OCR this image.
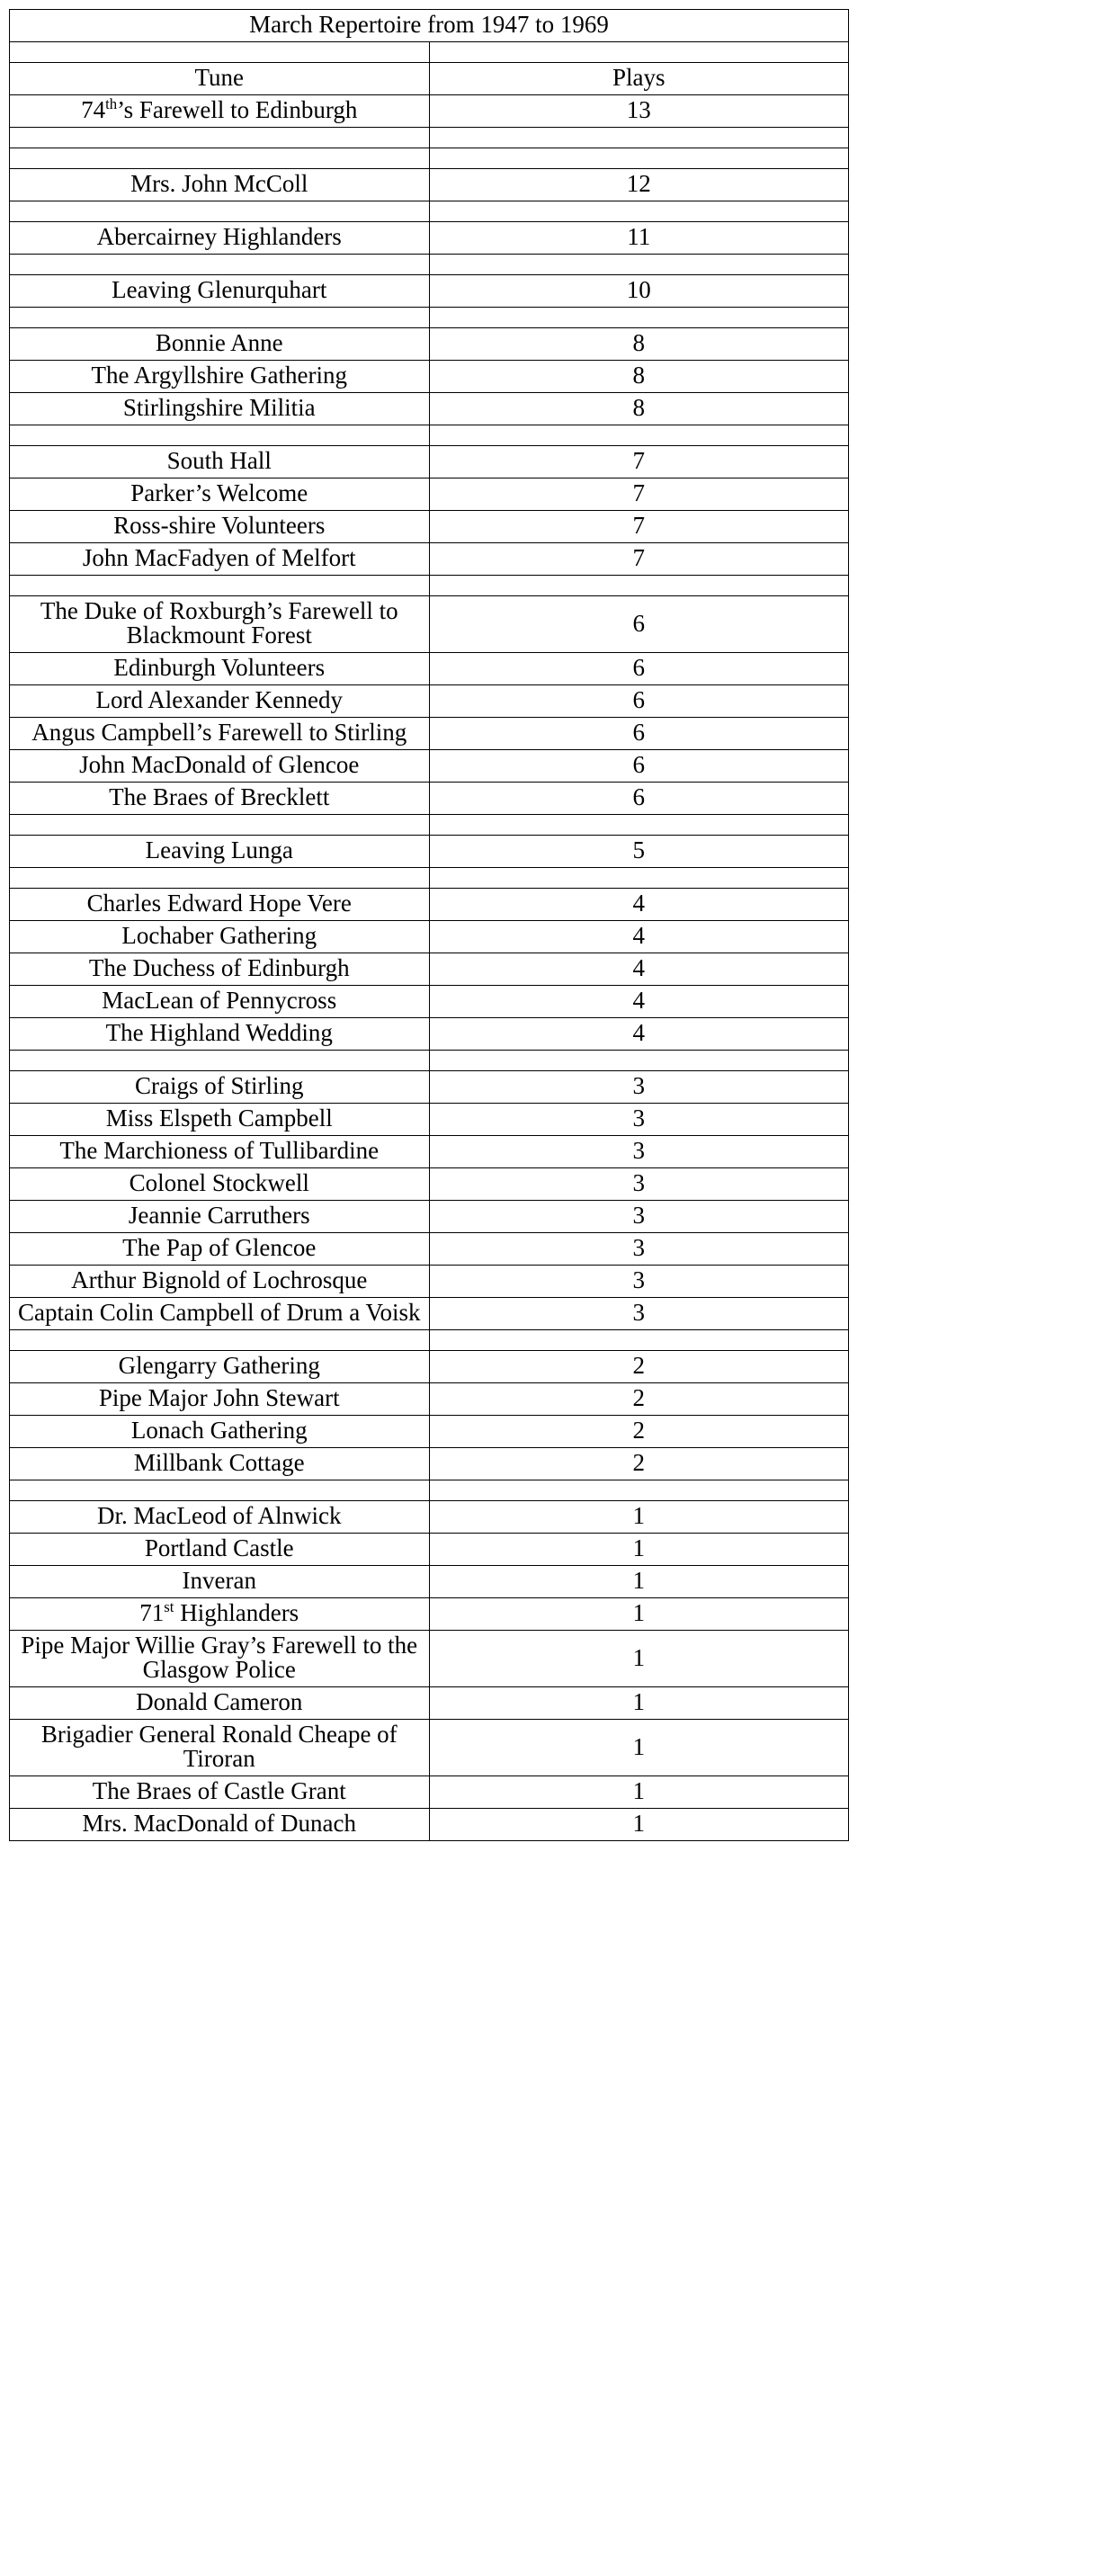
March Repertoire from 1947 to 1969	

Tune	Plays
74th’s Farewell to Edinburgh	13

Mrs. John McColl	12

Abercairney Highlanders	11

Leaving Glenurquhart	10

Bonnie Anne	8
The Argyllshire Gathering	8
Stirlingshire Militia	8

South Hall	7
Parker’s Welcome	7
Ross-shire Volunteers	7
John MacFadyen of Melfort	7

The Duke of Roxburgh’s Farewell to Blackmount Forest	6
Edinburgh Volunteers	6
Lord Alexander Kennedy	6
Angus Campbell’s Farewell to Stirling	6
John MacDonald of Glencoe	6
The Braes of Brecklett	6

Leaving Lunga	5

Charles Edward Hope Vere	4
Lochaber Gathering	4
The Duchess of Edinburgh	4
MacLean of Pennycross	4
The Highland Wedding	4

Craigs of Stirling	3
Miss Elspeth Campbell	3
The Marchioness of Tullibardine	3
Colonel Stockwell	3
Jeannie Carruthers	3
The Pap of Glencoe	3
Arthur Bignold of Lochrosque	3
Captain Colin Campbell of Drum a Voisk	3

Glengarry Gathering	2
Pipe Major John Stewart	2
Lonach Gathering	2
Millbank Cottage	2

Dr. MacLeod of Alnwick	1
Portland Castle	1
Inveran	1
71st Highlanders	1
Pipe Major Willie Gray’s Farewell to the Glasgow Police	1
Donald Cameron	1
Brigadier General Ronald Cheape of Tiroran	1
The Braes of Castle Grant	1
Mrs. MacDonald of Dunach	1
